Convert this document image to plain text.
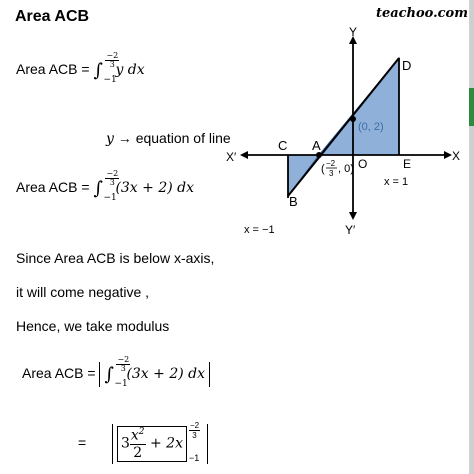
Area ACB	teachoo.com
Area ACB = ∫ $\frac{-2}{3}$
−1
y dx
y → equation of line
Area ACB = ∫ $\frac{-2}{3}$
−1
(3x + 2) dx
Since Area ACB is below x-axis,
it will come negative ,
Hence, we take modulus
Area ACB = ∫ $\frac{-2}{3}$
−1
(3x + 2) dx
= $3 \frac{x^2}{2} + 2x$
$\frac{-2}{3}$
−1
Y
Y′
X
X′	O
A
C
B
D
E
(0, 2)
( −2
3 , 0)
x = 1
x = −1
